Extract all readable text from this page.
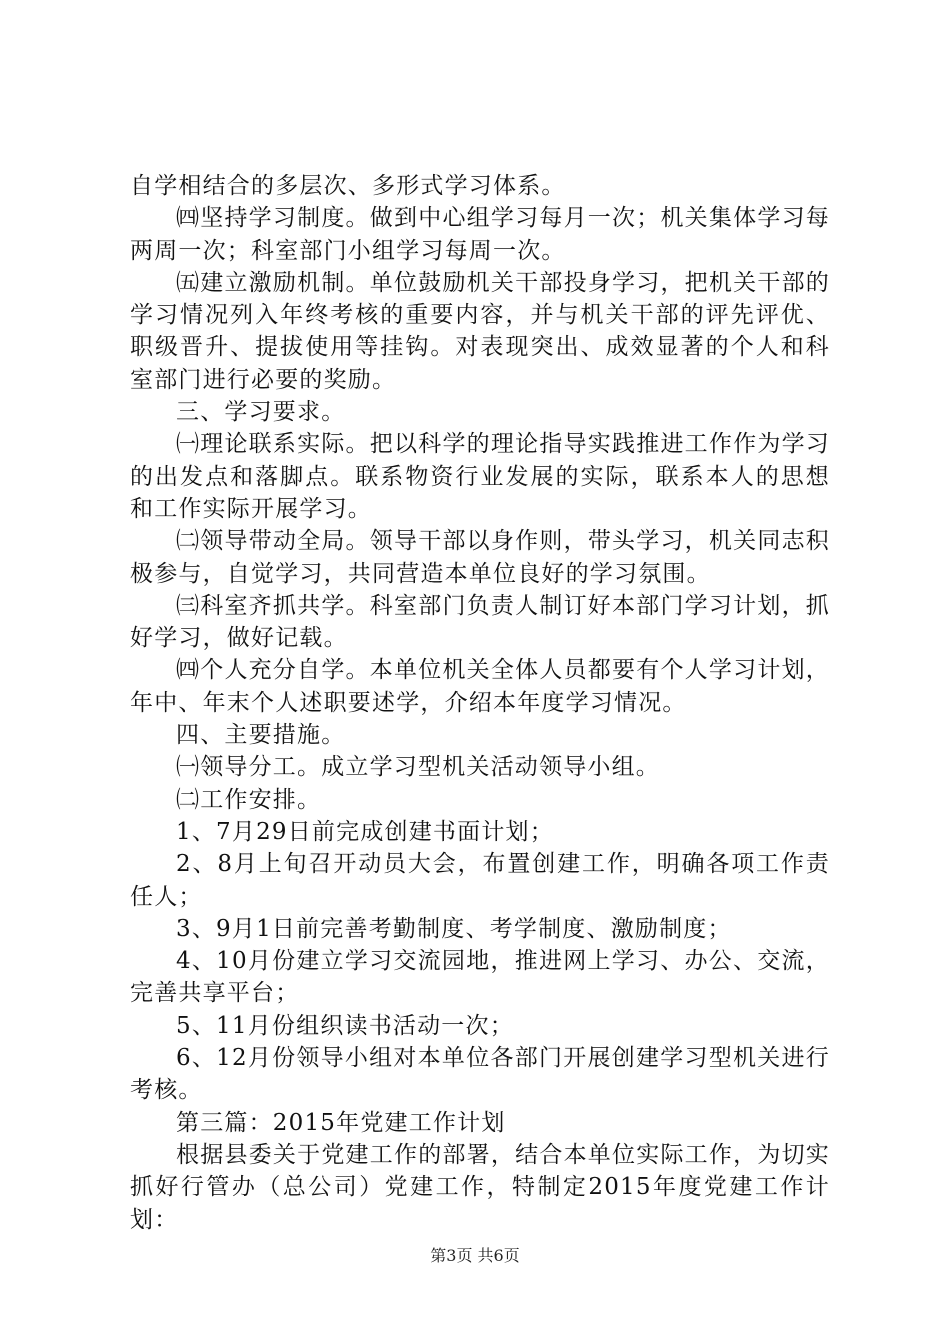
自学相结合的多层次、多形式学习体系。

㈣坚持学习制度。做到中心组学习每月一次；机关集体学习每两周一次；科室部门小组学习每周一次。

㈤建立激励机制。单位鼓励机关干部投身学习，把机关干部的学习情况列入年终考核的重要内容，并与机关干部的评先评优、职级晋升、提拔使用等挂钩。对表现突出、成效显著的个人和科室部门进行必要的奖励。

三、学习要求。

㈠理论联系实际。把以科学的理论指导实践推进工作作为学习的出发点和落脚点。联系物资行业发展的实际，联系本人的思想和工作实际开展学习。

㈡领导带动全局。领导干部以身作则，带头学习，机关同志积极参与，自觉学习，共同营造本单位良好的学习氛围。

㈢科室齐抓共学。科室部门负责人制订好本部门学习计划，抓好学习，做好记载。

㈣个人充分自学。本单位机关全体人员都要有个人学习计划，年中、年末个人述职要述学，介绍本年度学习情况。

四、主要措施。

㈠领导分工。成立学习型机关活动领导小组。

㈡工作安排。

1、7月29日前完成创建书面计划；

2、8月上旬召开动员大会，布置创建工作，明确各项工作责任人；

3、9月1日前完善考勤制度、考学制度、激励制度；

4、10月份建立学习交流园地，推进网上学习、办公、交流，完善共享平台；

5、11月份组织读书活动一次；

6、12月份领导小组对本单位各部门开展创建学习型机关进行考核。

第三篇：2015年党建工作计划

根据县委关于党建工作的部署，结合本单位实际工作，为切实抓好行管办（总公司）党建工作，特制定2015年度党建工作计划：

第3页 共6页
